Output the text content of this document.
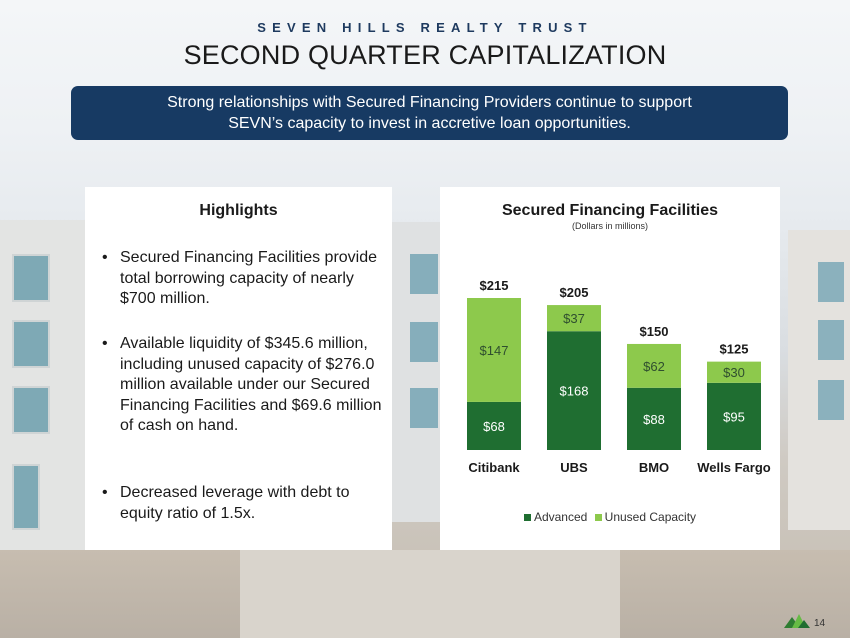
SEVEN HILLS REALTY TRUST
SECOND QUARTER CAPITALIZATION
Strong relationships with Secured Financing Providers continue to support
SEVN’s capacity to invest in accretive loan opportunities.
Highlights
• Secured Financing Facilities provide total borrowing capacity of nearly $700 million.
• Available liquidity of $345.6 million, including unused capacity of $276.0 million available under our Secured Financing Facilities and $69.6 million of cash on hand.
• Decreased leverage with debt to equity ratio of 1.5x.
Secured Financing Facilities
(Dollars in millions)
$68
$147
$215
Citibank
$168
$37
$205
UBS
$88
$62
$150
BMO
$95
$30
$125
Wells Fargo
Advanced Unused Capacity
14
